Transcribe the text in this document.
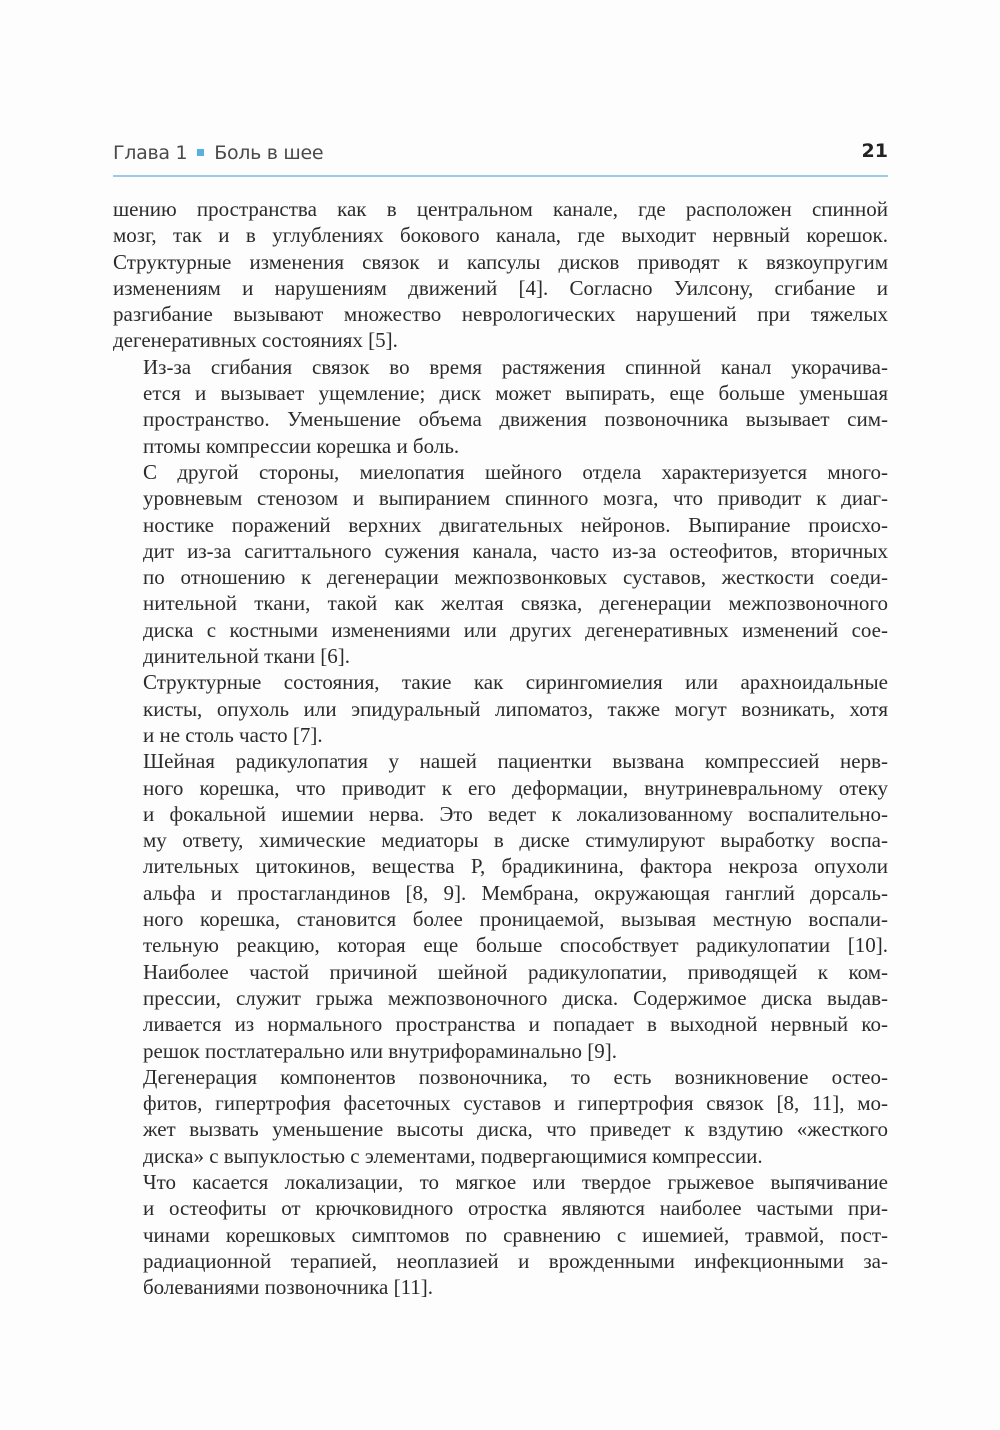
Глава 1 Боль в шее	21

шению пространства как в центральном канале, где расположен спинной
мозг, так и в углублениях бокового канала, где выходит нервный корешок.
Структурные изменения связок и капсулы дисков приводят к вязкоупругим
изменениям и нарушениям движений [4]. Согласно Уилсону, сгибание и
разгибание вызывают множество неврологических нарушений при тяжелых
дегенеративных состояниях [5].

Из-за сгибания связок во время растяжения спинной канал укорачива-
ется и вызывает ущемление; диск может выпирать, еще больше уменьшая
пространство. Уменьшение объема движения позвоночника вызывает сим-
птомы компрессии корешка и боль.

С другой стороны, миелопатия шейного отдела характеризуется много-
уровневым стенозом и выпиранием спинного мозга, что приводит к диаг-
ностике поражений верхних двигательных нейронов. Выпирание происхо-
дит из-за сагиттального сужения канала, часто из-за остеофитов, вторичных
по отношению к дегенерации межпозвонковых суставов, жесткости соеди-
нительной ткани, такой как желтая связка, дегенерации межпозвоночного
диска с костными изменениями или других дегенеративных изменений сое-
динительной ткани [6].

Структурные состояния, такие как сирингомиелия или арахноидальные
кисты, опухоль или эпидуральный липоматоз, также могут возникать, хотя
и не столь часто [7].

Шейная радикулопатия у нашей пациентки вызвана компрессией нерв-
ного корешка, что приводит к его деформации, внутриневральному отеку
и фокальной ишемии нерва. Это ведет к локализованному воспалительно-
му ответу, химические медиаторы в диске стимулируют выработку воспа-
лительных цитокинов, вещества Р, брадикинина, фактора некроза опухоли
альфа и простагландинов [8, 9]. Мембрана, окружающая ганглий дорсаль-
ного корешка, становится более проницаемой, вызывая местную воспали-
тельную реакцию, которая еще больше способствует радикулопатии [10].
Наиболее частой причиной шейной радикулопатии, приводящей к ком-
прессии, служит грыжа межпозвоночного диска. Содержимое диска выдав-
ливается из нормального пространства и попадает в выходной нервный ко-
решок постлатерально или внутрифораминально [9].

Дегенерация компонентов позвоночника, то есть возникновение остео-
фитов, гипертрофия фасеточных суставов и гипертрофия связок [8, 11], мо-
жет вызвать уменьшение высоты диска, что приведет к вздутию «жесткого
диска» с выпуклостью с элементами, подвергающимися компрессии.

Что касается локализации, то мягкое или твердое грыжевое выпячивание
и остеофиты от крючковидного отростка являются наиболее частыми при-
чинами корешковых симптомов по сравнению с ишемией, травмой, пост-
радиационной терапией, неоплазией и врожденными инфекционными за-
болеваниями позвоночника [11].
